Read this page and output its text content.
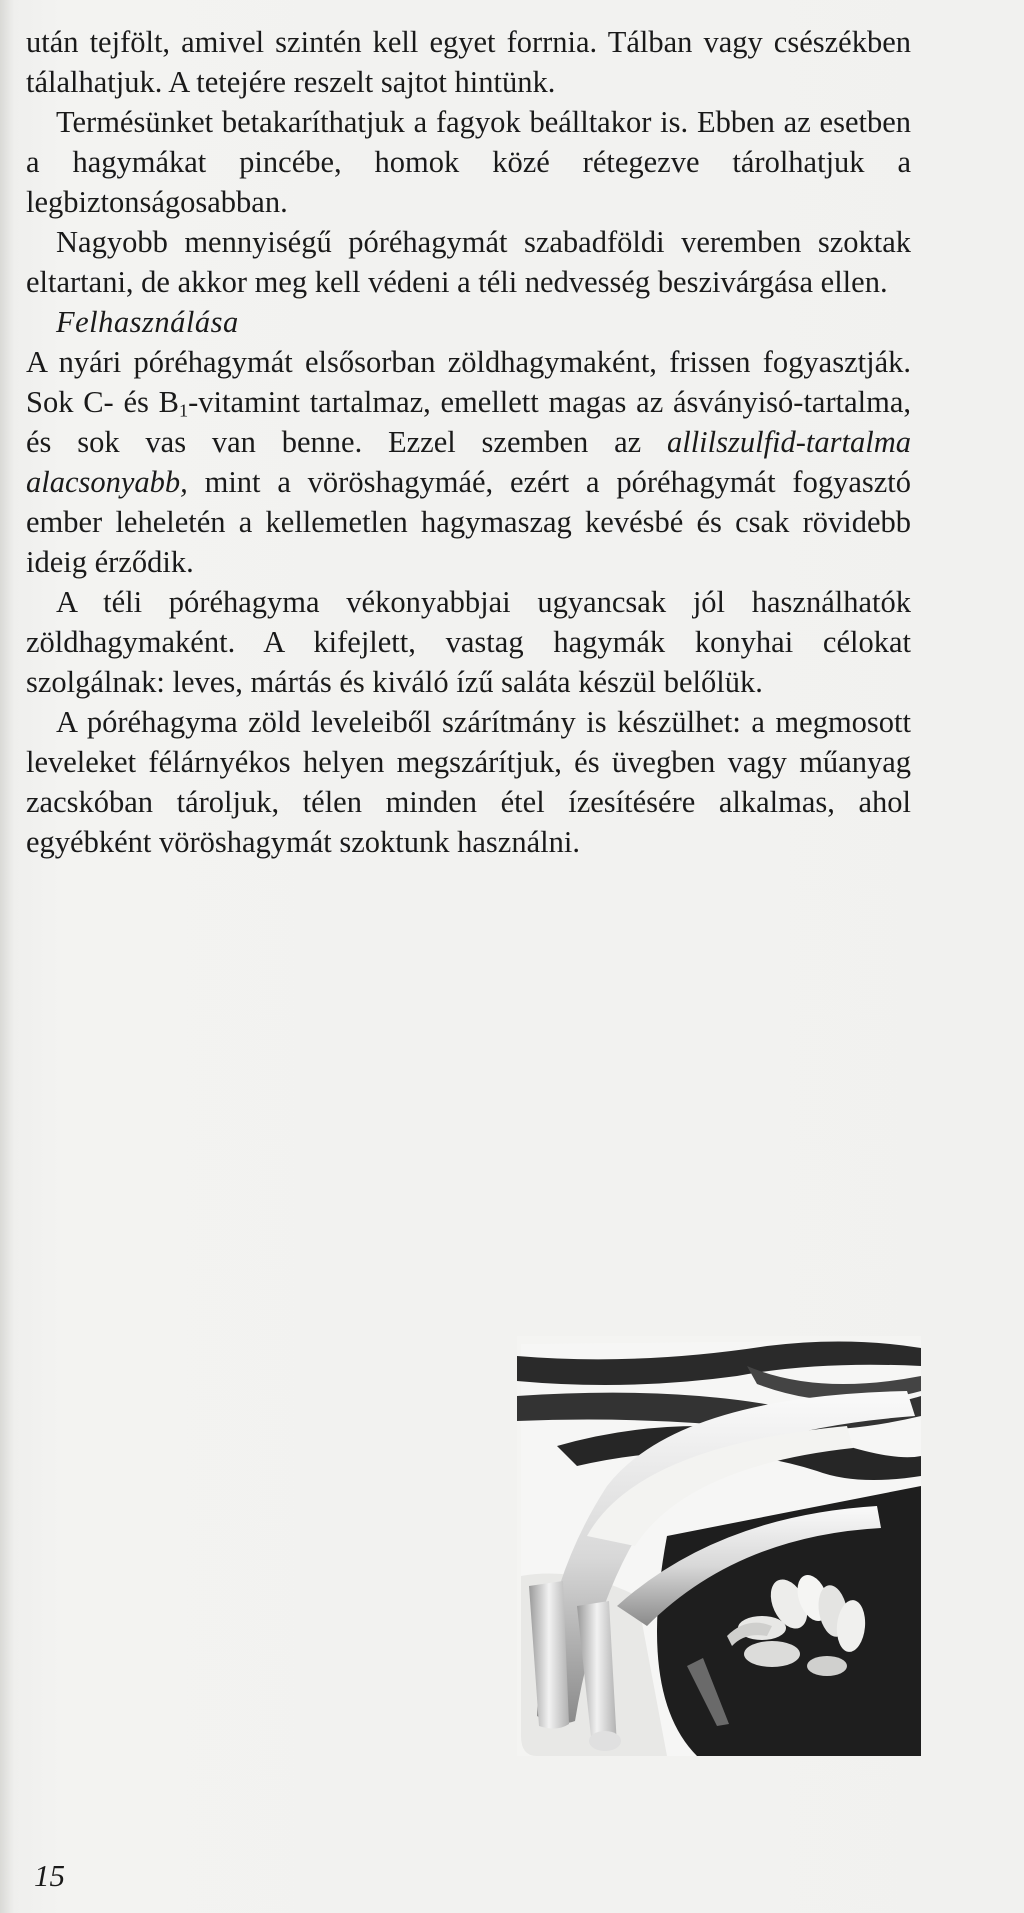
után tejfölt, amivel szintén kell egyet forrnia. Tálban vagy csészékben tálalhatjuk. A tetejére reszelt sajtot hintünk.

Termésünket betakaríthatjuk a fagyok beálltakor is. Ebben az esetben a hagymákat pincébe, homok közé rétegezve tárolhatjuk a legbiztonságosabban.

Nagyobb mennyiségű póréhagymát szabadföldi veremben szoktak eltartani, de akkor meg kell védeni a téli nedvesség beszivárgása ellen.

Felhasználása

A nyári póréhagymát elsősorban zöldhagymaként, frissen fogyasztják. Sok C- és $B_1$-vitamint tartalmaz, emellett magas az ásványisó-tartalma, és sok vas van benne. Ezzel szemben az allilszulfid-tartalma alacsonyabb, mint a vöröshagymáé, ezért a póréhagymát fogyasztó ember leheletén a kellemetlen hagymaszag kevésbé és csak rövidebb ideig érződik.

A téli póréhagyma vékonyabbjai ugyancsak jól használhatók zöldhagymaként. A kifejlett, vastag hagymák konyhai célokat szolgálnak: leves, mártás és kiváló ízű saláta készül belőlük.

A póréhagyma zöld leveleiből szárítmány is készülhet: a megmosott leveleket félárnyékos helyen megszárítjuk, és üvegben vagy műanyag zacskóban tároljuk, télen minden étel ízesítésére alkalmas, ahol egyébként vöröshagymát szoktunk használni.

15
